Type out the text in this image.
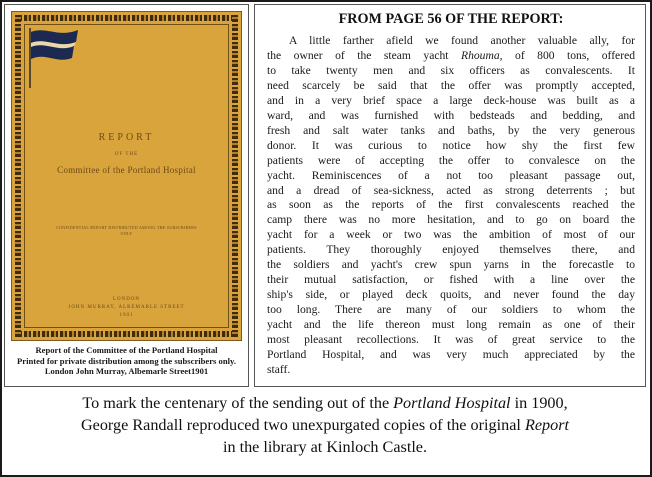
REPORT
OF THE
Committee of the Portland Hospital
CONFIDENTIAL REPORT DISTRIBUTED AMONG THE SUBSCRIBERS ONLY
LONDON
JOHN MURRAY, ALBEMARLE STREET
1901
Report of the Committee of the Portland Hospital
Printed for private distribution among the subscribers only.
London John Murray, Albemarle Street1901
FROM PAGE 56 OF THE REPORT:
A little farther afield we found another valuable ally, for
the owner of the steam yacht Rhouma, of 800 tons, offered
to take twenty men and six officers as convalescents. It
need scarcely be said that the offer was promptly accepted,
and in a very brief space a large deck-house was built as a
ward, and was furnished with bedsteads and bedding, and
fresh and salt water tanks and baths, by the very generous
donor. It was curious to notice how shy the first few
patients were of accepting the offer to convalesce on the
yacht. Reminiscences of a not too pleasant passage out,
and a dread of sea-sickness, acted as strong deterrents ; but
as soon as the reports of the first convalescents reached the
camp there was no more hesitation, and to go on board the
yacht for a week or two was the ambition of most of our
patients. They thoroughly enjoyed themselves there, and
the soldiers and yacht's crew spun yarns in the forecastle to
their mutual satisfaction, or fished with a line over the
ship's side, or played deck quoits, and never found the day
too long. There are many of our soldiers to whom the
yacht and the life thereon must long remain as one of their
most pleasant recollections. It was of great service to the
Portland Hospital, and was very much appreciated by the
staff.
To mark the centenary of the sending out of the Portland Hospital in 1900,
George Randall reproduced two unexpurgated copies of the original Report
in the library at Kinloch Castle.
